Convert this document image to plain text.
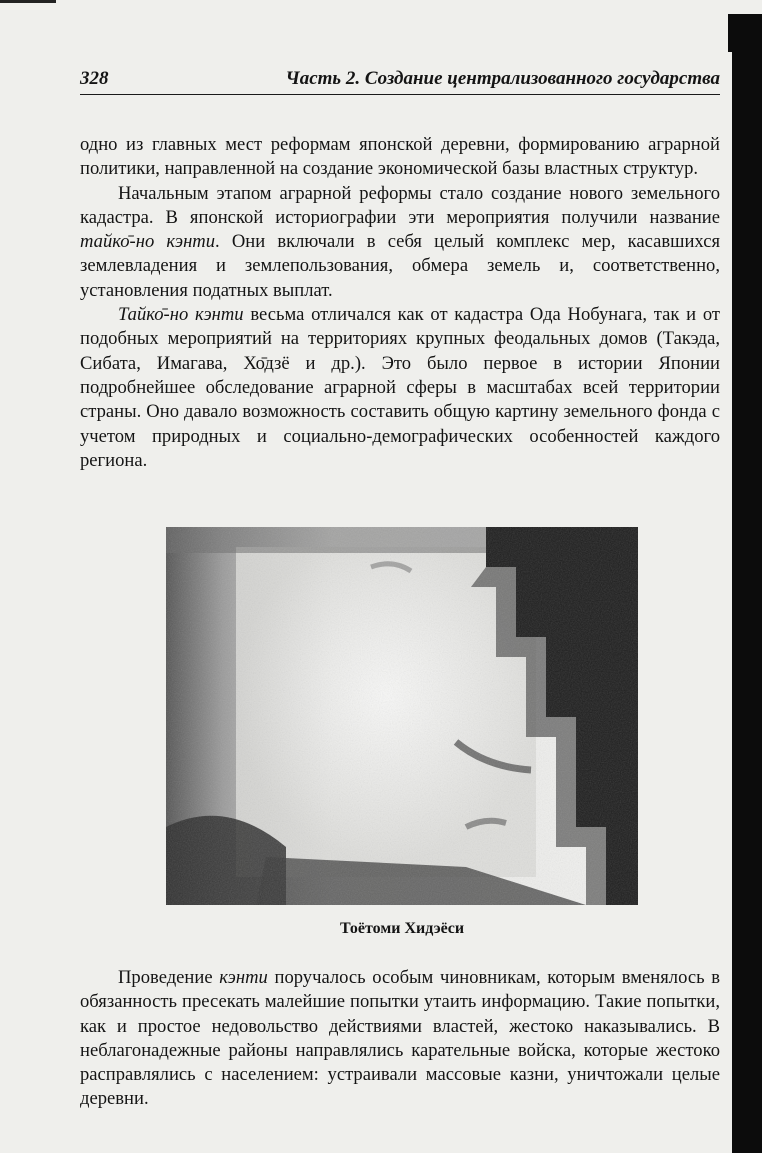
328	Часть 2. Создание централизованного государства

одно из главных мест реформам японской деревни, формированию аграрной политики, направленной на создание экономической базы властных структур.

Начальным этапом аграрной реформы стало создание нового земельного кадастра. В японской историографии эти мероприятия получили название тайко̄-но кэнти. Они включали в себя целый комплекс мер, касавшихся землевладения и землепользования, обмера земель и, соответственно, установления податных выплат.

Тайко̄-но кэнти весьма отличался как от кадастра Ода Нобунага, так и от подобных мероприятий на территориях крупных феодальных домов (Такэда, Сибата, Имагава, Хо̄дзё и др.). Это было первое в истории Японии подробнейшее обследование аграрной сферы в масштабах всей территории страны. Оно давало возможность составить общую картину земельного фонда с учетом природных и социально-демографических особенностей каждого региона.

Тоётоми Хидэёси

Проведение кэнти поручалось особым чиновникам, которым вменялось в обязанность пресекать малейшие попытки утаить информацию. Такие попытки, как и простое недовольство действиями властей, жестоко наказывались. В неблагонадежные районы направлялись карательные войска, которые жестоко расправлялись с населением: устраивали массовые казни, уничтожали целые деревни.
